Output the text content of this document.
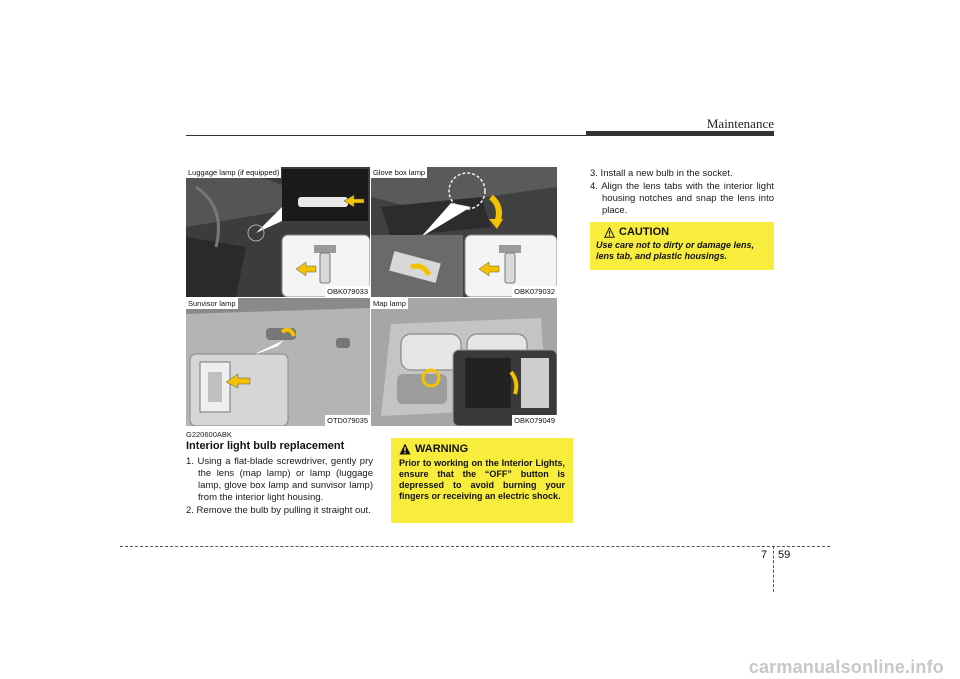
Maintenance
Luggage lamp (if equipped)
OBK079033
Glove box lamp
OBK079032
Sunvisor lamp
OTD079035
Map lamp
OBK079049
G220600ABK
Interior light bulb replacement
1. Using a flat-blade screwdriver, gently pry the lens (map lamp) or lamp (luggage lamp, glove box lamp and sunvisor lamp) from the interior light housing.
2. Remove the bulb by pulling it straight out.
3. Install a new bulb in the socket.
4. Align the lens tabs with the interior light housing notches and snap the lens into place.
WARNING
Prior to working on the Interior Lights, ensure that the “OFF” button is depressed to avoid burning your fingers or receiving an electric shock.
CAUTION
Use care not to dirty or damage lens, lens tab, and plastic housings.
7 59
carmanualsonline.info
